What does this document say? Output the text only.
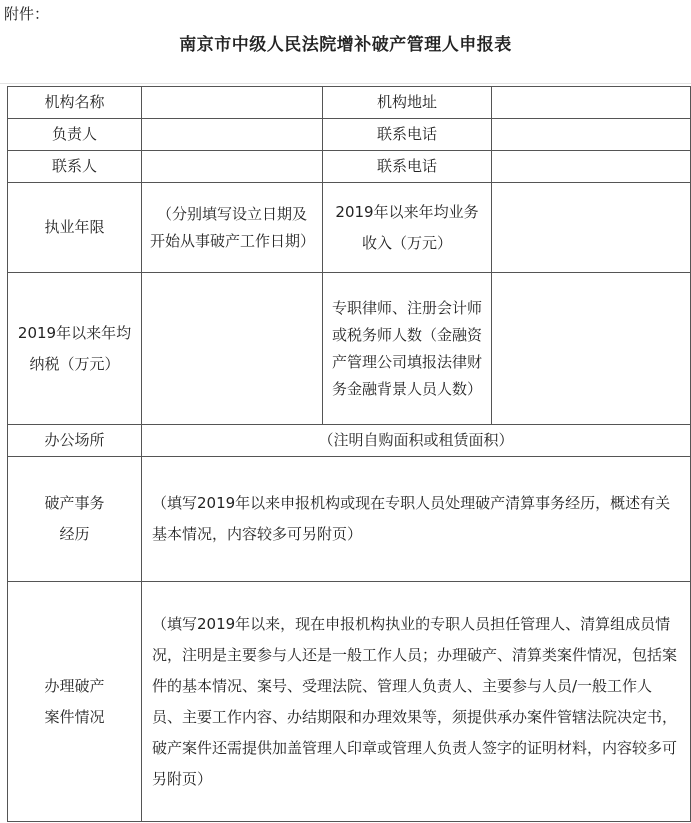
附件：
南京市中级人民法院增补破产管理人申报表
机构名称		机构地址	
负责人		联系电话	
联系人		联系电话	
执业年限	（分别填写设立日期及开始从事破产工作日期）	2019年以来年均业务收入（万元）	
2019年以来年均纳税（万元）		专职律师、注册会计师或税务师人数（金融资产管理公司填报法律财务金融背景人员人数）	
办公场所	（注明自购面积或租赁面积）		
破产事务经历	（填写2019年以来申报机构或现在专职人员处理破产清算事务经历，概述有关基本情况，内容较多可另附页）		
办理破产案件情况	（填写2019年以来，现在申报机构执业的专职人员担任管理人、清算组成员情况，注明是主要参与人还是一般工作人员；办理破产、清算类案件情况，包括案件的基本情况、案号、受理法院、管理人负责人、主要参与人员/一般工作人员、主要工作内容、办结期限和办理效果等，须提供承办案件管辖法院决定书，破产案件还需提供加盖管理人印章或管理人负责人签字的证明材料，内容较多可另附页）		
